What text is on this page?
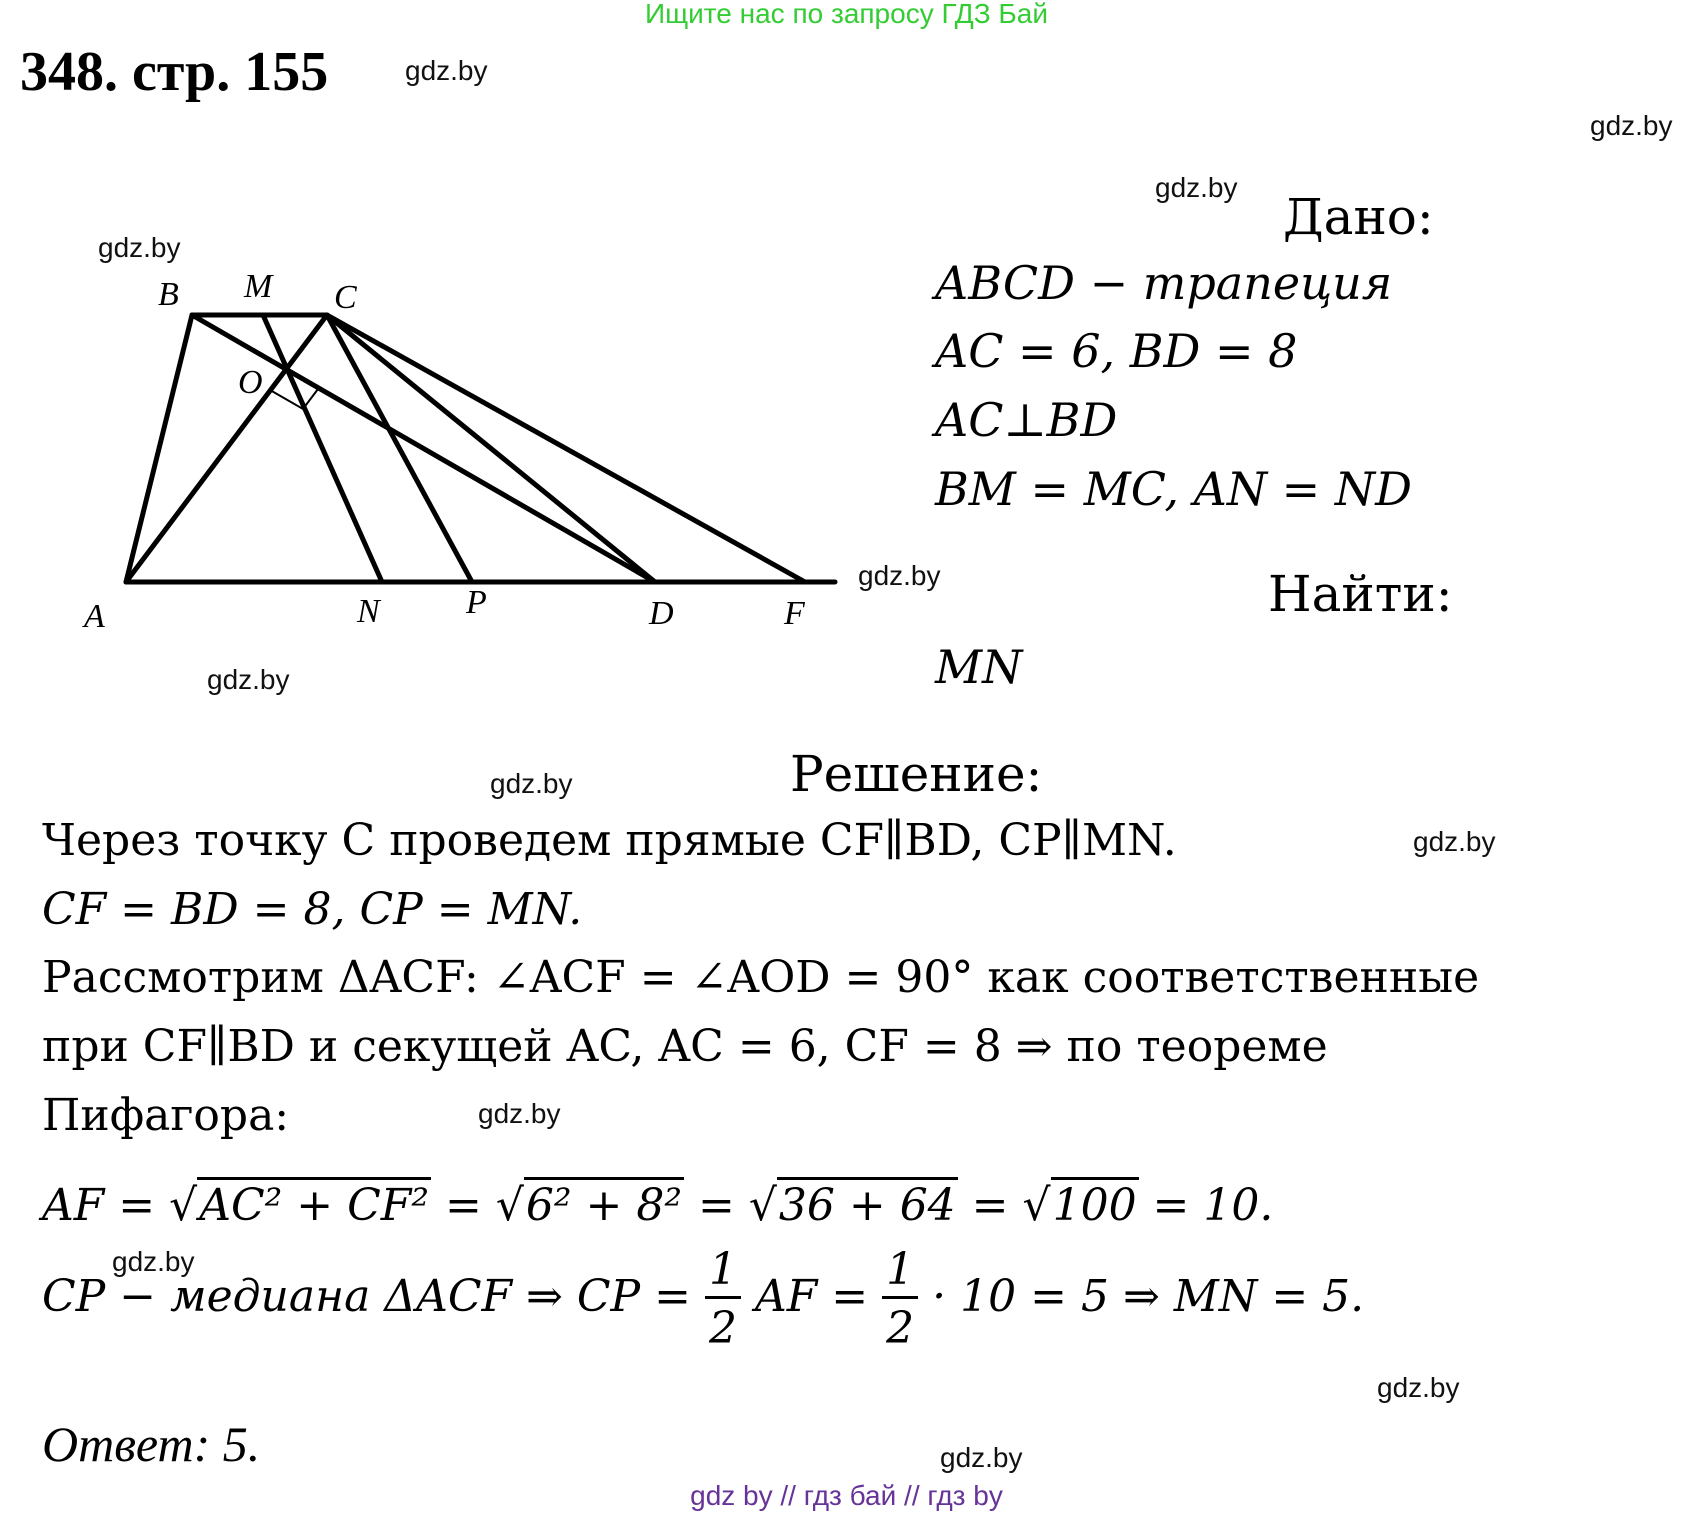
Ищите нас по запросу ГДЗ Бай
348. стр. 155	gdz.by
gdz.by
gdz.by
gdz.by
gdz.by
gdz.by
gdz.by
gdz.by
gdz.by
gdz.by
gdz.by
gdz.by
B M C
O
A	N	P	D	F
Дано:
ABCD − трапеция
AC = 6, BD = 8
AC⊥BD
BM = MC, AN = ND
Найти:
MN
Решение:
Через точку C проведем прямые CF∥BD, CP∥MN.
CF = BD = 8, CP = MN.
Рассмотрим ΔACF: ∠ACF = ∠AOD = 90° как соответственные
при CF∥BD и секущей AC, AC = 6, CF = 8 ⇒ по теореме
Пифагора:
AF = √AC² + CF² = √6² + 8² = √36 + 64 = √100 = 10.
CP − медиана ΔACF ⇒ CP = $\frac{1}{2}$ AF = $\frac{1}{2} \cdot 10 = 5$ ⇒ MN = 5.
Ответ: 5.
gdz by // гдз бай // гдз by
